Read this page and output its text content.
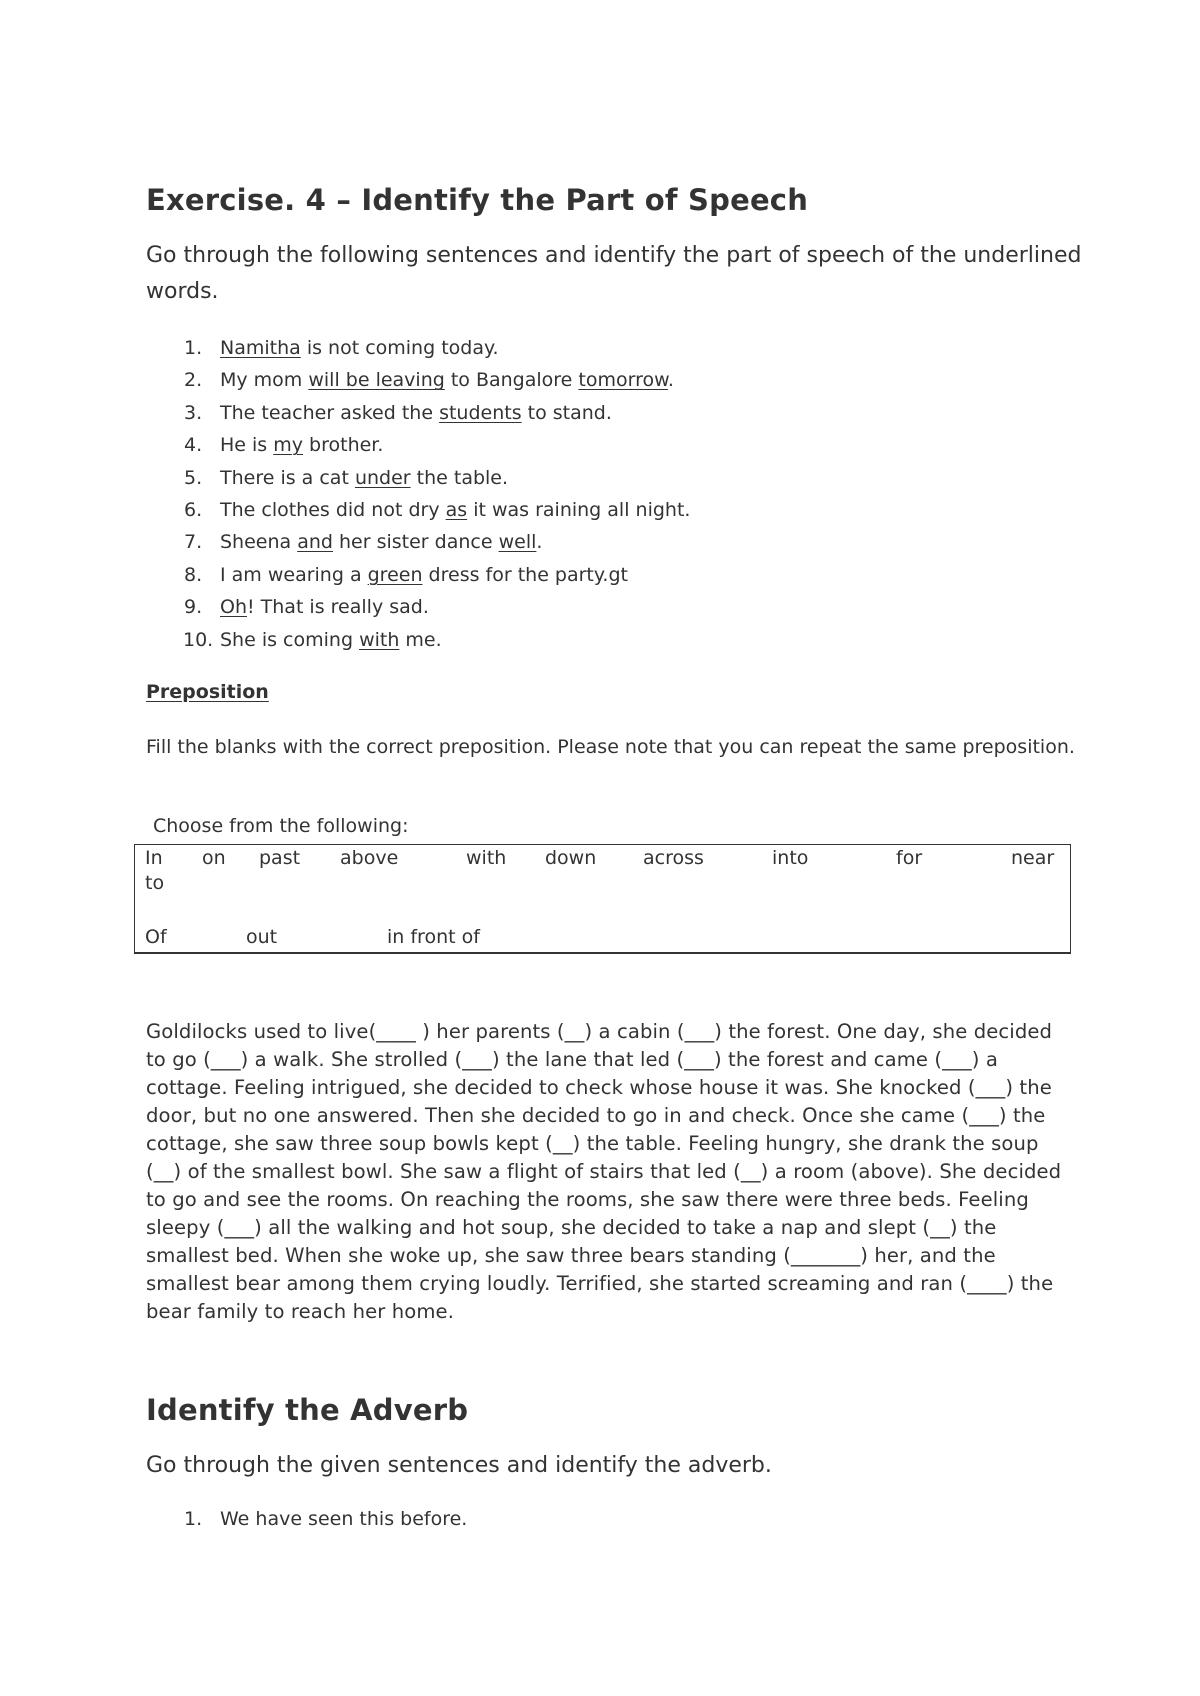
Exercise. 4 – Identify the Part of Speech

Go through the following sentences and identify the part of speech of the underlined words.

1. Namitha is not coming today.
2. My mom will be leaving to Bangalore tomorrow.
3. The teacher asked the students to stand.
4. He is my brother.
5. There is a cat under the table.
6. The clothes did not dry as it was raining all night.
7. Sheena and her sister dance well.
8. I am wearing a green dress for the party.gt
9. Oh! That is really sad.
10. She is coming with me.
Preposition

Fill the blanks with the correct preposition. Please note that you can repeat the same preposition.

Choose from the following:
In on past above	with down across	into	for	near
to
Of	out	in front of

Goldilocks used to live(____ ) her parents (__) a cabin (___) the forest. One day, she decided to go (___) a walk. She strolled (___) the lane that led (___) the forest and came (___) a cottage. Feeling intrigued, she decided to check whose house it was. She knocked (___) the door, but no one answered. Then she decided to go in and check. Once she came (___) the cottage, she saw three soup bowls kept (__) the table. Feeling hungry, she drank the soup (__) of the smallest bowl. She saw a flight of stairs that led (__) a room (above). She decided to go and see the rooms. On reaching the rooms, she saw there were three beds. Feeling sleepy (___) all the walking and hot soup, she decided to take a nap and slept (__) the smallest bed. When she woke up, she saw three bears standing (_______) her, and the smallest bear among them crying loudly. Terrified, she started screaming and ran (____) the bear family to reach her home.

Identify the Adverb

Go through the given sentences and identify the adverb.

1. We have seen this before.
